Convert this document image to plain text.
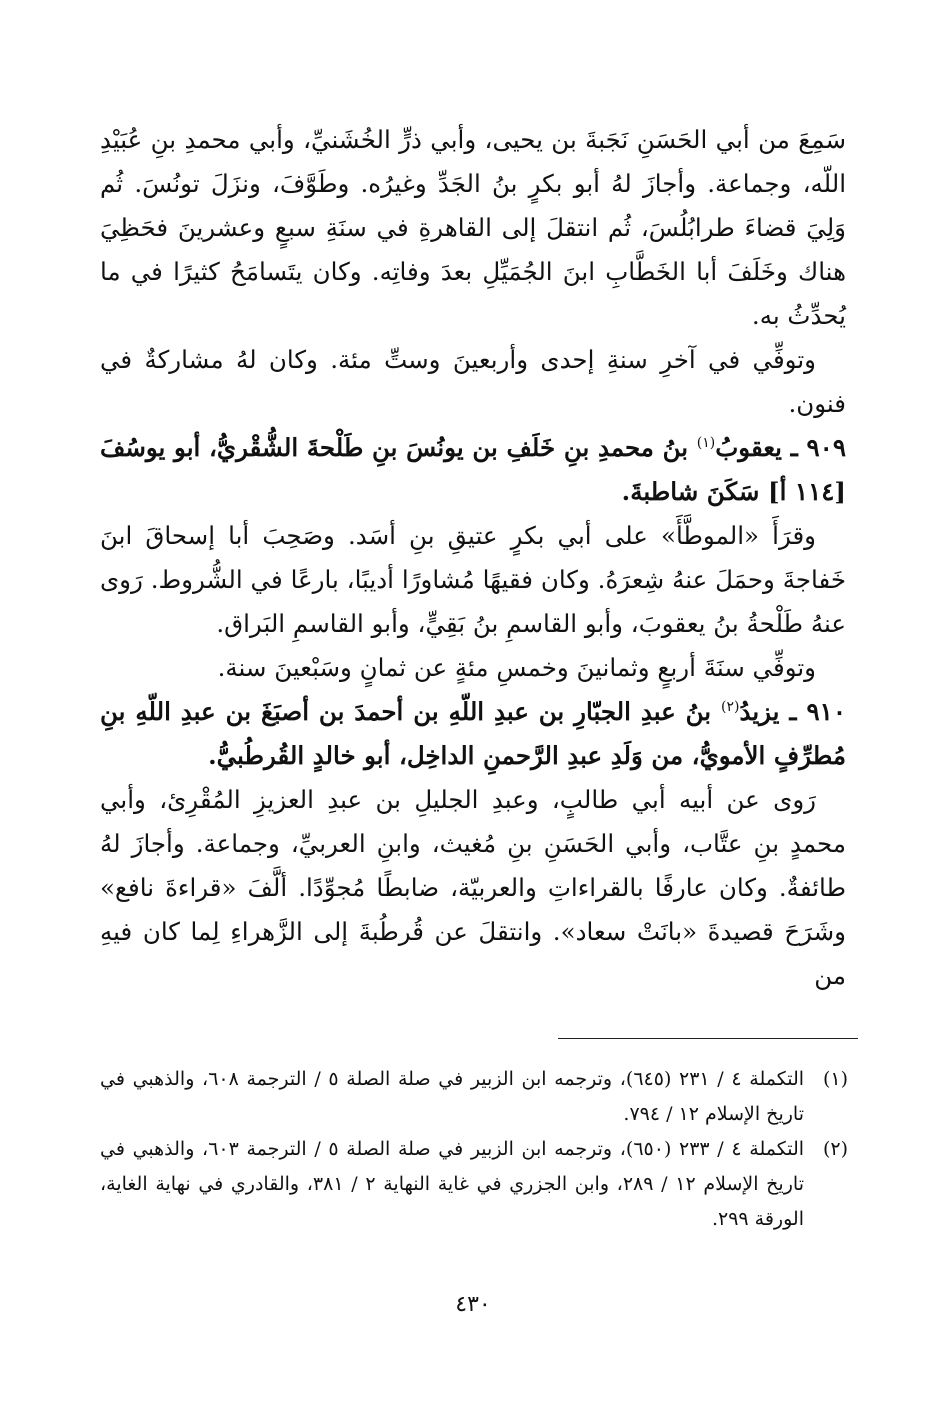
سَمِعَ من أبي الحَسَنِ نَجَبةَ بن يحيى، وأبي ذرٍّ الخُشَنيِّ، وأبي محمدِ بنِ عُبَيْدِ اللّه، وجماعة. وأجازَ لهُ أبو بكرٍ بنُ الجَدِّ وغيرُه. وطَوَّفَ، ونزَلَ تونُسَ. ثُم وَلِيَ قضاءَ طرابُلُسَ، ثُم انتقلَ إلى القاهرةِ في سنَةِ سبعٍ وعشرينَ فحَظِيَ هناك وخَلَفَ أبا الخَطَّابِ ابنَ الجُمَيِّلِ بعدَ وفاتِه. وكان يتَسامَحُ كثيرًا في ما يُحدِّثُ به.

وتوفِّي في آخرِ سنةِ إحدى وأربعينَ وستِّ مئة. وكان لهُ مشاركةٌ في فنون.

٩٠٩ ـ يعقوبُ$^{(١)}$ بنُ محمدِ بنِ خَلَفِ بن يونُسَ بنِ طَلْحةَ الشُّقْريُّ، أبو يوسُفَ [١١٤ أ] سَكَنَ شاطبةَ.

وقرَأَ «الموطَّأَ» على أبي بكرٍ عتيقِ بنِ أسَد. وصَحِبَ أبا إسحاقَ ابنَ خَفاجةَ وحمَلَ عنهُ شِعرَهُ. وكان فقيهًا مُشاورًا أديبًا، بارعًا في الشُّروط. رَوى عنهُ طَلْحةُ بنُ يعقوبَ، وأبو القاسمِ بنُ بَقِيٍّ، وأبو القاسمِ البَراق.

وتوفِّي سنَةَ أربعٍ وثمانينَ وخمسِ مئةٍ عن ثمانٍ وسَبْعينَ سنة.

٩١٠ ـ يزيدُ$^{(٢)}$ بنُ عبدِ الجبّارِ بن عبدِ اللّهِ بن أحمدَ بن أصبَغَ بن عبدِ اللّهِ بنِ مُطرِّفٍ الأمويُّ، من وَلَدِ عبدِ الرَّحمنِ الداخِل، أبو خالدٍ القُرطُبيُّ.

رَوى عن أبيه أبي طالبٍ، وعبدِ الجليلِ بن عبدِ العزيزِ المُقْرِئ، وأبي محمدٍ بنِ عتَّاب، وأبي الحَسَنِ بنِ مُغيث، وابنِ العربيِّ، وجماعة. وأجازَ لهُ طائفةٌ. وكان عارفًا بالقراءاتِ والعربيّة، ضابطًا مُجوِّدًا. ألَّفَ «قراءةَ نافع» وشَرَحَ قصيدةَ «بانَتْ سعاد». وانتقلَ عن قُرطُبةَ إلى الزَّهراءِ لِما كان فيهِ من

(١)
التكملة ٤ / ٢٣١ (٦٤٥)، وترجمه ابن الزبير في صلة الصلة ٥ / الترجمة ٦٠٨، والذهبي في تاريخ الإسلام ١٢ / ٧٩٤.
(٢)
التكملة ٤ / ٢٣٣ (٦٥٠)، وترجمه ابن الزبير في صلة الصلة ٥ / الترجمة ٦٠٣، والذهبي في تاريخ الإسلام ١٢ / ٢٨٩، وابن الجزري في غاية النهاية ٢ / ٣٨١، والقادري في نهاية الغاية، الورقة ٢٩٩.
٤٣٠
